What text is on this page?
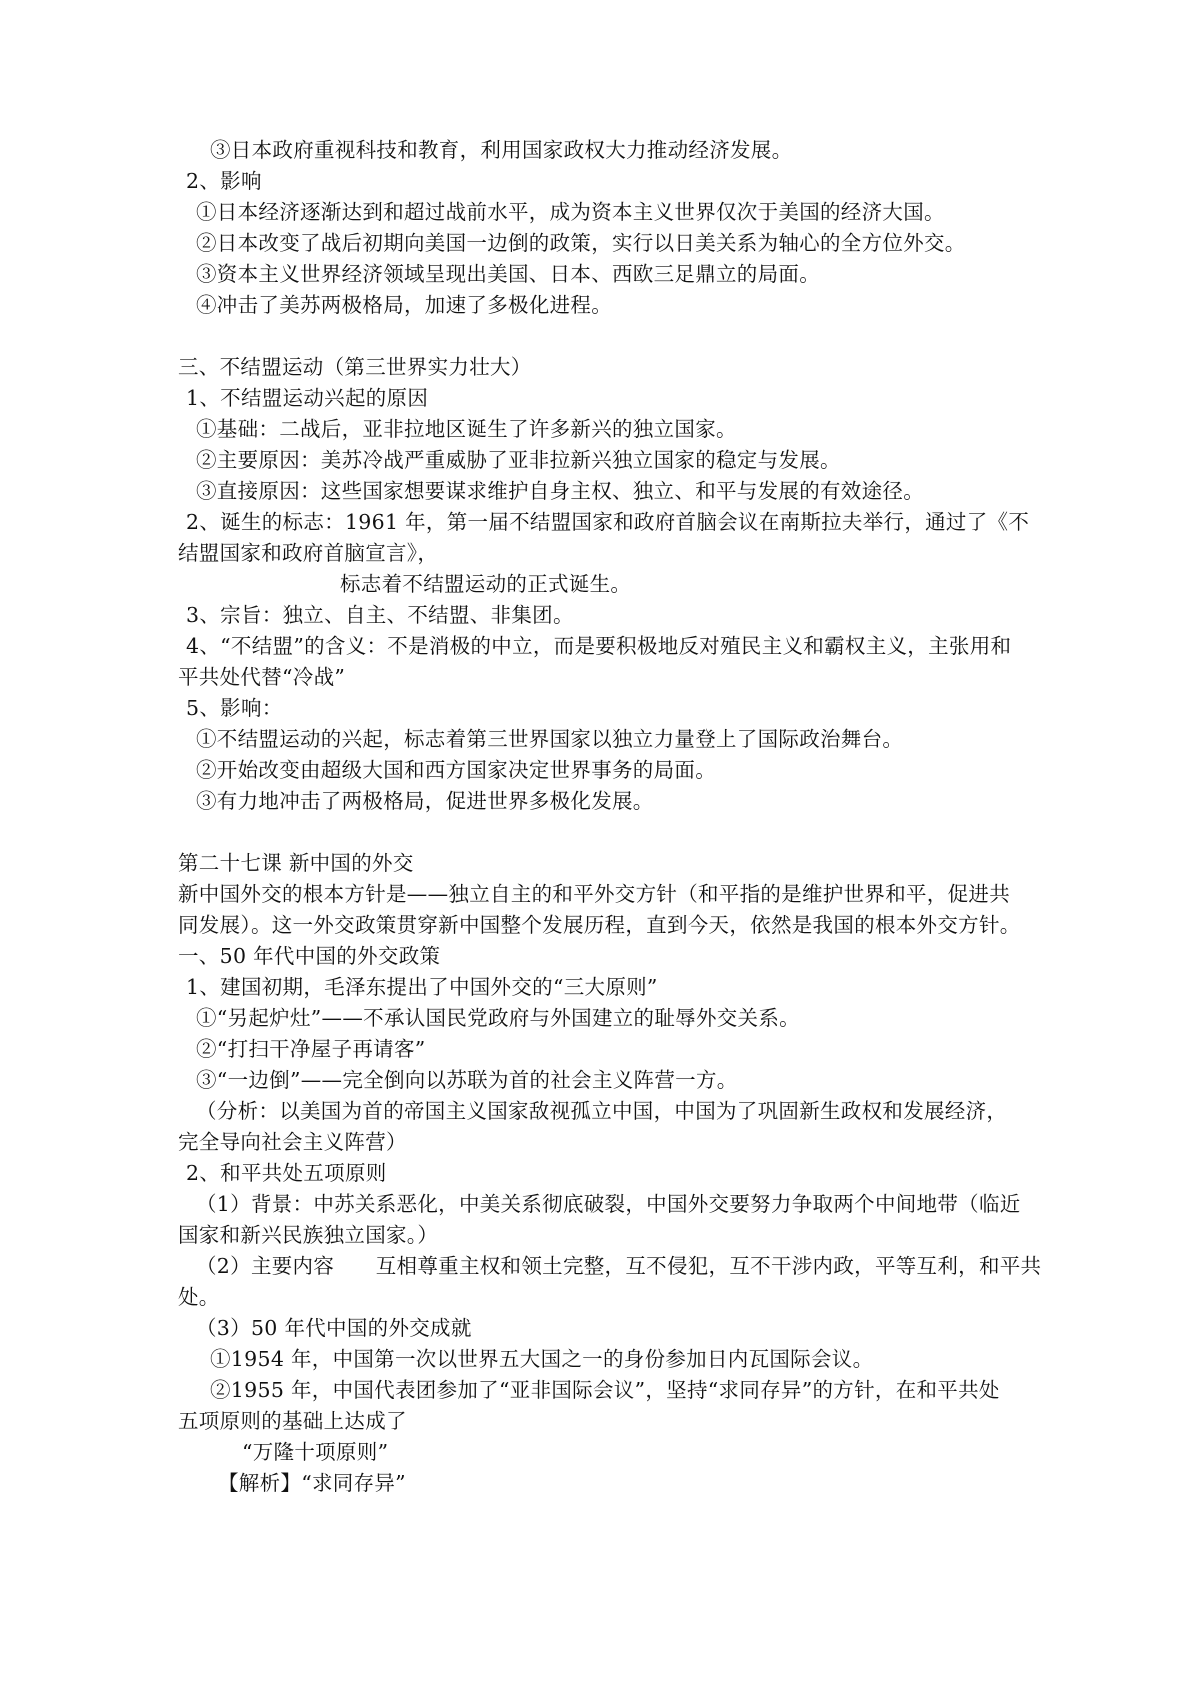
③日本政府重视科技和教育，利用国家政权大力推动经济发展。
2、影响
①日本经济逐渐达到和超过战前水平，成为资本主义世界仅次于美国的经济大国。
②日本改变了战后初期向美国一边倒的政策，实行以日美关系为轴心的全方位外交。
③资本主义世界经济领域呈现出美国、日本、西欧三足鼎立的局面。
④冲击了美苏两极格局，加速了多极化进程。
三、不结盟运动（第三世界实力壮大）
1、不结盟运动兴起的原因
①基础：二战后，亚非拉地区诞生了许多新兴的独立国家。
②主要原因：美苏冷战严重威胁了亚非拉新兴独立国家的稳定与发展。
③直接原因：这些国家想要谋求维护自身主权、独立、和平与发展的有效途径。
2、诞生的标志：1961 年，第一届不结盟国家和政府首脑会议在南斯拉夫举行，通过了《不
结盟国家和政府首脑宣言》，
标志着不结盟运动的正式诞生。
3、宗旨：独立、自主、不结盟、非集团。
4、“不结盟”的含义：不是消极的中立，而是要积极地反对殖民主义和霸权主义，主张用和
平共处代替“冷战”
5、影响：
①不结盟运动的兴起，标志着第三世界国家以独立力量登上了国际政治舞台。
②开始改变由超级大国和西方国家决定世界事务的局面。
③有力地冲击了两极格局，促进世界多极化发展。
第二十七课 新中国的外交
新中国外交的根本方针是——独立自主的和平外交方针（和平指的是维护世界和平，促进共
同发展）。这一外交政策贯穿新中国整个发展历程，直到今天，依然是我国的根本外交方针。
一、50 年代中国的外交政策
1、建国初期，毛泽东提出了中国外交的“三大原则”
①“另起炉灶”——不承认国民党政府与外国建立的耻辱外交关系。
②“打扫干净屋子再请客”
③“一边倒”——完全倒向以苏联为首的社会主义阵营一方。
（分析：以美国为首的帝国主义国家敌视孤立中国，中国为了巩固新生政权和发展经济，
完全导向社会主义阵营）
2、和平共处五项原则
（1）背景：中苏关系恶化，中美关系彻底破裂，中国外交要努力争取两个中间地带（临近
国家和新兴民族独立国家。）
（2）主要内容　　互相尊重主权和领土完整，互不侵犯，互不干涉内政，平等互利，和平共
处。
（3）50 年代中国的外交成就
①1954 年，中国第一次以世界五大国之一的身份参加日内瓦国际会议。
②1955 年，中国代表团参加了“亚非国际会议”，坚持“求同存异”的方针，在和平共处
五项原则的基础上达成了
“万隆十项原则”
【解析】“求同存异”
